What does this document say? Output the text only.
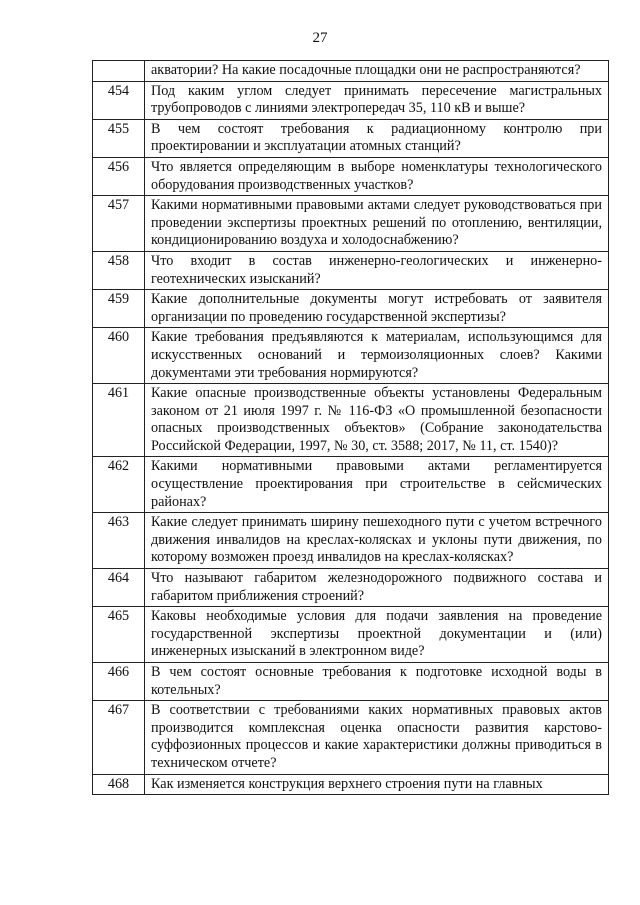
27
	акватории? На какие посадочные площадки они не распространяются?
454	Под каким углом следует принимать пересечение магистральных трубопроводов с линиями электропередач 35, 110 кВ и выше?
455	В чем состоят требования к радиационному контролю при проектировании и эксплуатации атомных станций?
456	Что является определяющим в выборе номенклатуры технологического оборудования производственных участков?
457	Какими нормативными правовыми актами следует руководствоваться при проведении экспертизы проектных решений по отоплению, вентиляции, кондиционированию воздуха и холодоснабжению?
458	Что входит в состав инженерно-геологических и инженерно-геотехнических изысканий?
459	Какие дополнительные документы могут истребовать от заявителя организации по проведению государственной экспертизы?
460	Какие требования предъявляются к материалам, использующимся для искусственных оснований и термоизоляционных слоев? Какими документами эти требования нормируются?
461	Какие опасные производственные объекты установлены Федеральным законом от 21 июля 1997 г. № 116-ФЗ «О промышленной безопасности опасных производственных объектов» (Собрание законодательства Российской Федерации, 1997, № 30, ст. 3588; 2017, № 11, ст. 1540)?
462	Какими нормативными правовыми актами регламентируется осуществление проектирования при строительстве в сейсмических районах?
463	Какие следует принимать ширину пешеходного пути с учетом встречного движения инвалидов на креслах-колясках и уклоны пути движения, по которому возможен проезд инвалидов на креслах-колясках?
464	Что называют габаритом железнодорожного подвижного состава и габаритом приближения строений?
465	Каковы необходимые условия для подачи заявления на проведение государственной экспертизы проектной документации и (или) инженерных изысканий в электронном виде?
466	В чем состоят основные требования к подготовке исходной воды в котельных?
467	В соответствии с требованиями каких нормативных правовых актов производится комплексная оценка опасности развития карстово-суффозионных процессов и какие характеристики должны приводиться в техническом отчете?
468	Как изменяется конструкция верхнего строения пути на главных
